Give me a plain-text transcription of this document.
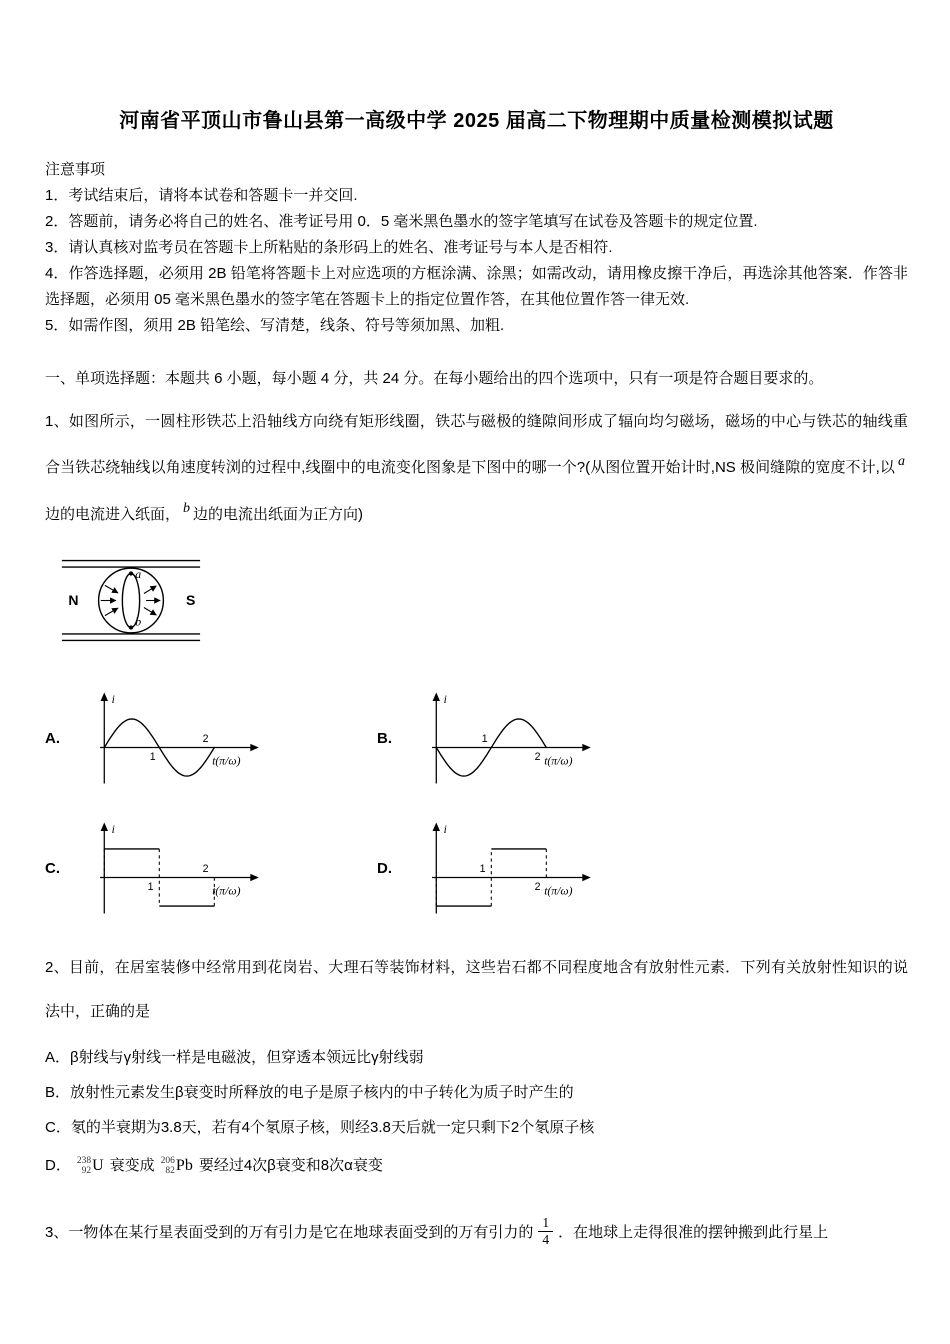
河南省平顶山市鲁山县第一高级中学 2025 届高二下物理期中质量检测模拟试题
注意事项
1．考试结束后，请将本试卷和答题卡一并交回.
2．答题前，请务必将自己的姓名、准考证号用 0．5 毫米黑色墨水的签字笔填写在试卷及答题卡的规定位置.
3．请认真核对监考员在答题卡上所粘贴的条形码上的姓名、准考证号与本人是否相符.
4．作答选择题，必须用 2B 铅笔将答题卡上对应选项的方框涂满、涂黑；如需改动，请用橡皮擦干净后，再选涂其他答案．作答非选择题，必须用 05 毫米黑色墨水的签字笔在答题卡上的指定位置作答，在其他位置作答一律无效.
5．如需作图，须用 2B 铅笔绘、写清楚，线条、符号等须加黑、加粗.
一、单项选择题：本题共 6 小题，每小题 4 分，共 24 分。在每小题给出的四个选项中，只有一项是符合题目要求的。

1、如图所示，一圆柱形铁芯上沿轴线方向绕有矩形线圈，铁芯与磁极的缝隙间形成了辐向均匀磁场，磁场的中心与铁芯的轴线重合当铁芯绕轴线以角速度转浏的过程中,线圈中的电流变化图象是下图中的哪一个?(从图位置开始计时,NS 极间缝隙的宽度不计,以 a边的电流进入纸面， b 边的电流出纸面为正方向)

N	S
a
b
A.
i
t(π/ω)
1
2	B.
i
t(π/ω)
1
2
C.
i
t(π/ω)
1
2	D.
i
t(π/ω)
1
2

2、目前，在居室装修中经常用到花岗岩、大理石等装饰材料，这些岩石都不同程度地含有放射性元素．下列有关放射性知识的说法中，正确的是

A．β射线与γ射线一样是电磁波，但穿透本领远比γ射线弱
B．放射性元素发生β衰变时所释放的电子是原子核内的中子转化为质子时产生的
C．氡的半衰期为3.8天，若有4个氡原子核，则经3.8天后就一定只剩下2个氡原子核
D． 238
92 U 衰变成 206
82 Pb 要经过4次β衰变和8次α衰变
3、一物体在某行星表面受到的万有引力是它在地球表面受到的万有引力的 $\frac{1}{4}$ ．在地球上走得很准的摆钟搬到此行星上
